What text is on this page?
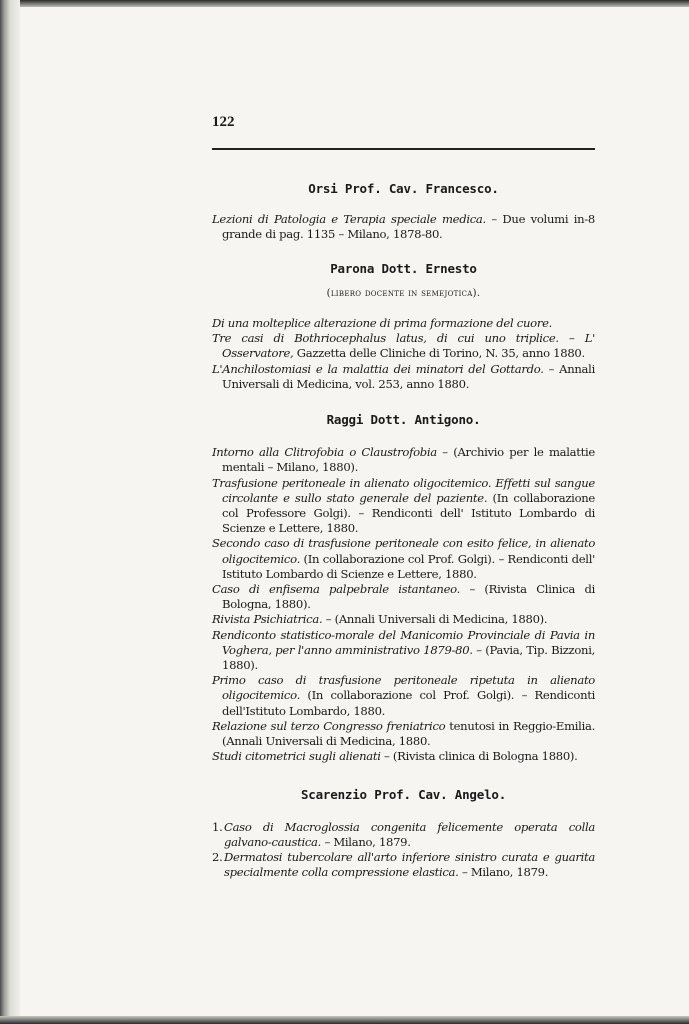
122

Orsi Prof. Cav. Francesco.

Lezioni di Patologia e Terapia speciale medica. – Due volumi in-8 grande di pag. 1135 – Milano, 1878-80.

Parona Dott. Ernesto

(libero docente in semejotica).

Di una molteplice alterazione di prima formazione del cuore.

Tre casi di Bothriocephalus latus, di cui uno triplice. – L' Osservatore, Gazzetta delle Cliniche di Torino, N. 35, anno 1880.

L'Anchilostomiasi e la malattia dei minatori del Gottardo. – Annali Universali di Medicina, vol. 253, anno 1880.

Raggi Dott. Antigono.

Intorno alla Clitrofobia o Claustrofobia – (Archivio per le malattie mentali – Milano, 1880).

Trasfusione peritoneale in alienato oligocitemico. Effetti sul sangue circolante e sullo stato generale del paziente. (In collaborazione col Professore Golgi). – Rendiconti dell' Istituto Lombardo di Scienze e Lettere, 1880.

Secondo caso di trasfusione peritoneale con esito felice, in alienato oligocitemico. (In collaborazione col Prof. Golgi). – Rendiconti dell' Istituto Lombardo di Scienze e Lettere, 1880.

Caso di enfisema palpebrale istantaneo. – (Rivista Clinica di Bologna, 1880).

Rivista Psichiatrica. – (Annali Universali di Medicina, 1880).

Rendiconto statistico-morale del Manicomio Provinciale di Pavia in Voghera, per l'anno amministrativo 1879-80. – (Pavia, Tip. Bizzoni, 1880).

Primo caso di trasfusione peritoneale ripetuta in alienato oligocitemico. (In collaborazione col Prof. Golgi). – Rendiconti dell'Istituto Lombardo, 1880.

Relazione sul terzo Congresso freniatrico tenutosi in Reggio-Emilia. (Annali Universali di Medicina, 1880.

Studi citometrici sugli alienati – (Rivista clinica di Bologna 1880).

Scarenzio Prof. Cav. Angelo.

1. Caso di Macroglossia congenita felicemente operata colla galvano-caustica. – Milano, 1879.

2. Dermatosi tubercolare all'arto inferiore sinistro curata e guarita specialmente colla compressione elastica. – Milano, 1879.
